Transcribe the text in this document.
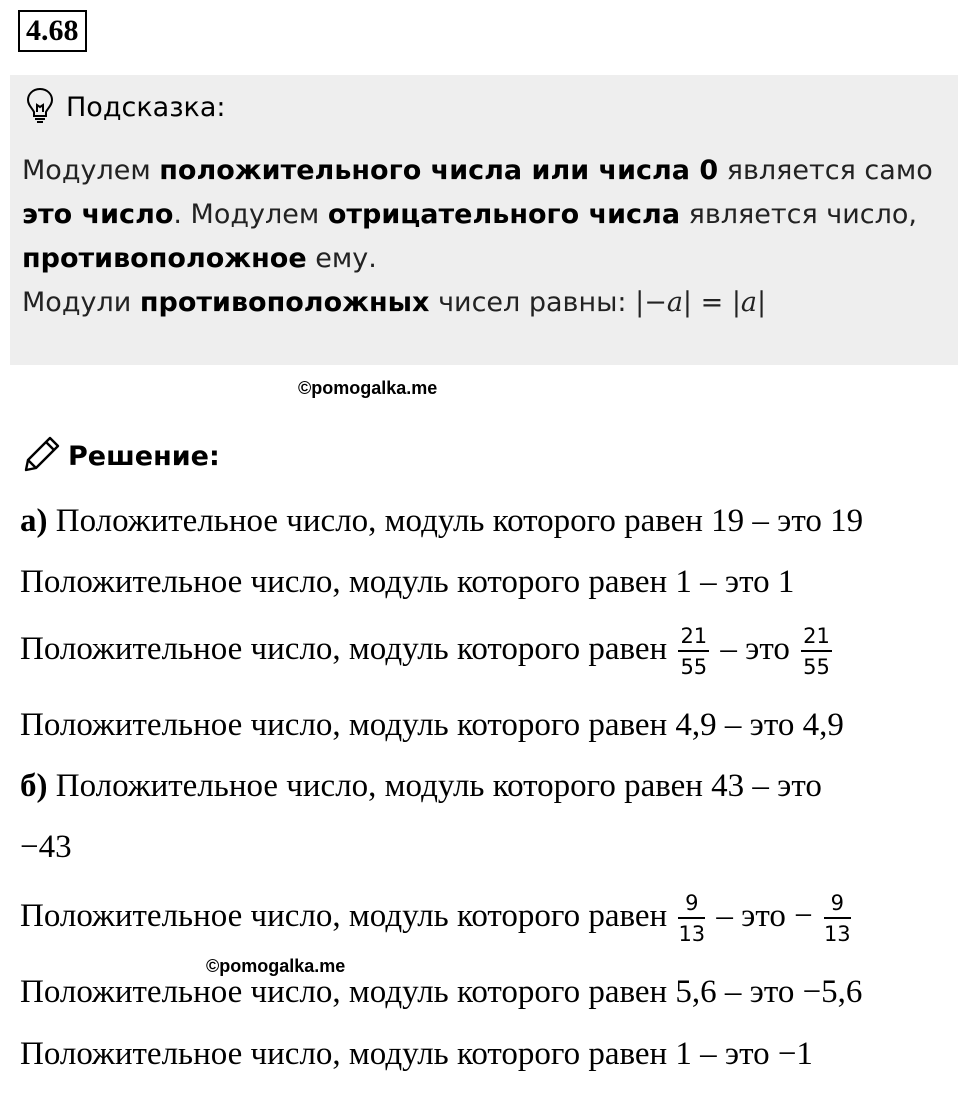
4.68
Подсказка:
Модулем положительного числа или числа 0 является само
это число. Модулем отрицательного числа является число,
противоположное ему.
Модули противоположных чисел равны: |−a| = |a|
©pomogalka.me
Решение:
а) Положительное число, модуль которого равен 19 – это 19
Положительное число, модуль которого равен 1 – это 1
Положительное число, модуль которого равен $\frac{21}{55}$ – это $\frac{21}{55}$
Положительное число, модуль которого равен 4,9 – это 4,9
б) Положительное число, модуль которого равен 43 – это
−43
Положительное число, модуль которого равен $\frac{9}{13}$ – это − $\frac{9}{13}$
©pomogalka.me
Положительное число, модуль которого равен 5,6 – это −5,6
Положительное число, модуль которого равен 1 – это −1
